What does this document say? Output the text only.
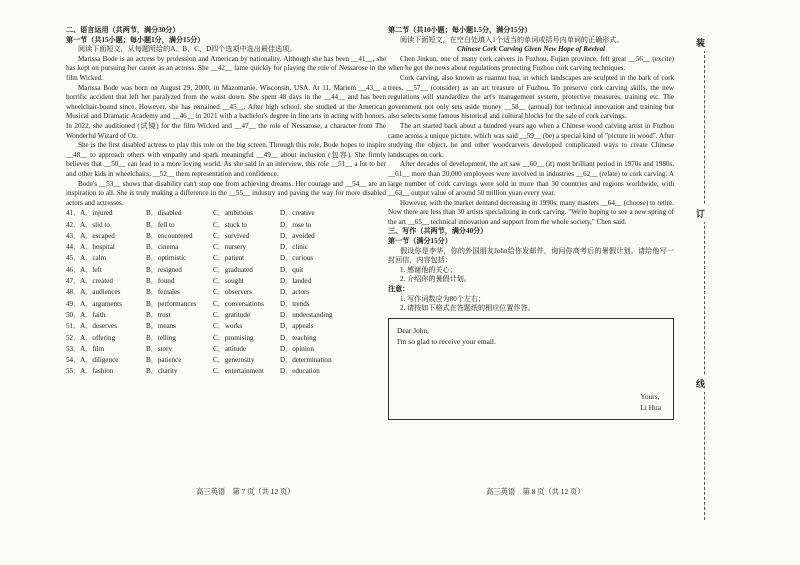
二、语言运用（共两节，满分30分）
第一节（共15小题；每小题1分，满分15分）
阅读下面短文，从每题所给的A、B、C、D四个选项中选出最佳选项。

Marissa Bode is an actress by profession and American by nationality. Although she has been __41__, she has kept on pursuing her career as an actress. She __42__ fame quickly for playing the role of Nessarose in the film Wicked.

Marissa Bode was born on August 29, 2000, in Mazomanie, Wisconsin, USA. At 11, Mariem __43__ a horrific accident that left her paralyzed from the waist down. She spent 48 days in the __44__ and has been wheelchair-bound since. However, she has remained __45__. After high school, she studied at the American Musical and Dramatic Academy and __46__ in 2021 with a bachelor's degree in fine arts in acting with honors. In 2022, she auditioned (试镜) for the film Wicked and __47__ the role of Nessarose, a character from The Wonderful Wizard of Oz.

She is the first disabled actress to play this role on the big screen. Through this role, Bode hopes to inspire __48__ to approach others with empathy and spark meaningful __49__ about inclusion (包容). She firmly believes that __50__ can lead to a more loving world. As she said in an interview, this role __51__ a lot to her and other kids in wheelchairs, __52__ them representation and confidence.

Bode's __53__ shows that disability can't stop one from achieving dreams. Her courage and __54__ are an inspiration to all. She is truly making a difference in the __55__ industry and paving the way for more disabled actors and actresses.

41．A．injured	B．disabled	C．ambitious	D．creative
42．A．slid to	B．fell to	C．stuck to	D．rose to
43．A．escaped	B．encountered	C．survived	D．avoided
44．A．hospital	B．cinema	C．nursery	D．clinic
45．A．calm	B．optimistic	C．patient	D．curious
46．A．left	B．resigned	C．graduated	D．quit
47．A．created	B．found	C．sought	D．landed
48．A．audiences	B．females	C．observers	D．actors
49．A．arguments	B．performances	C．conversations	D．trends
50．A．faith	B．trust	C．gratitude	D．understanding
51．A．deserves	B．means	C．works	D．appeals
52．A．offering	B．telling	C．promising	D．teaching
53．A．film	B．story	C．attitude	D．opinion
54．A．diligence	B．patience	C．generosity	D．determination
55．A．fashion	B．charity	C．entertainment	D．education
高三英语　第 7 页（共 12 页）
第二节（共10小题；每小题1.5分，满分15分）
阅读下面短文，在空白处填入1个适当的单词或括号内单词的正确形式。
Chinese Cork Carving Given New Hope of Revival

Chen Jinkun, one of many cork carvers in Fuzhou, Fujian province, felt great __56__ (excite) when he got the news about regulations protecting Fuzhou cork carving techniques.

Cork carving, also known as ruanmu hua, in which landscapes are sculpted in the bark of cork trees, __57__ (consider) as an art treasure of Fuzhou. To preserve cork carving skills, the new regulations will standardize the art's management system, protective measures, training etc. The government not only sets aside money __58__ (annual) for technical innovation and training but also selects some famous historical and cultural blocks for the sale of cork carvings.

The art started back about a hundred years ago when a Chinese wood carving artist in Fuzhou came across a unique picture, which was said __59__ (be) a special kind of "picture in wood". After studying the object, he and other woodcarvers developed complicated ways to create Chinese landscapes on cork.

After decades of development, the art saw __60__ (it) most brilliant period in 1970s and 1980s, __61__ more than 20,000 employees were involved in industries __62__ (relate) to cork carving. A large number of cork carvings were sold in more than 30 countries and regions worldwide, with __63__ output value of around 50 million yuan every year.

However, with the market demand decreasing in 1990s, many masters __64__ (choose) to retire. Now there are less than 30 artists specializing in cork carving. "We're hoping to see a new spring of the art __65__ technical innovation and support from the whole society," Chen said.

三、写作（共两节，满分40分）
第一节（满分15分）
假设你是李华，你的外国朋友John给你发邮件，询问你高考后的暑假计划。请给他写一封回信，内容包括：
1. 感谢他的关心；
2. 介绍你的暑假计划。
注意：
1. 写作词数应为80个左右；
2. 请按如下格式在答题纸的相应位置作答。
Dear John,
I'm so glad to receive your email.
Yours,
Li Hua
高三英语　第 8 页（共 12 页）
装
订
线
